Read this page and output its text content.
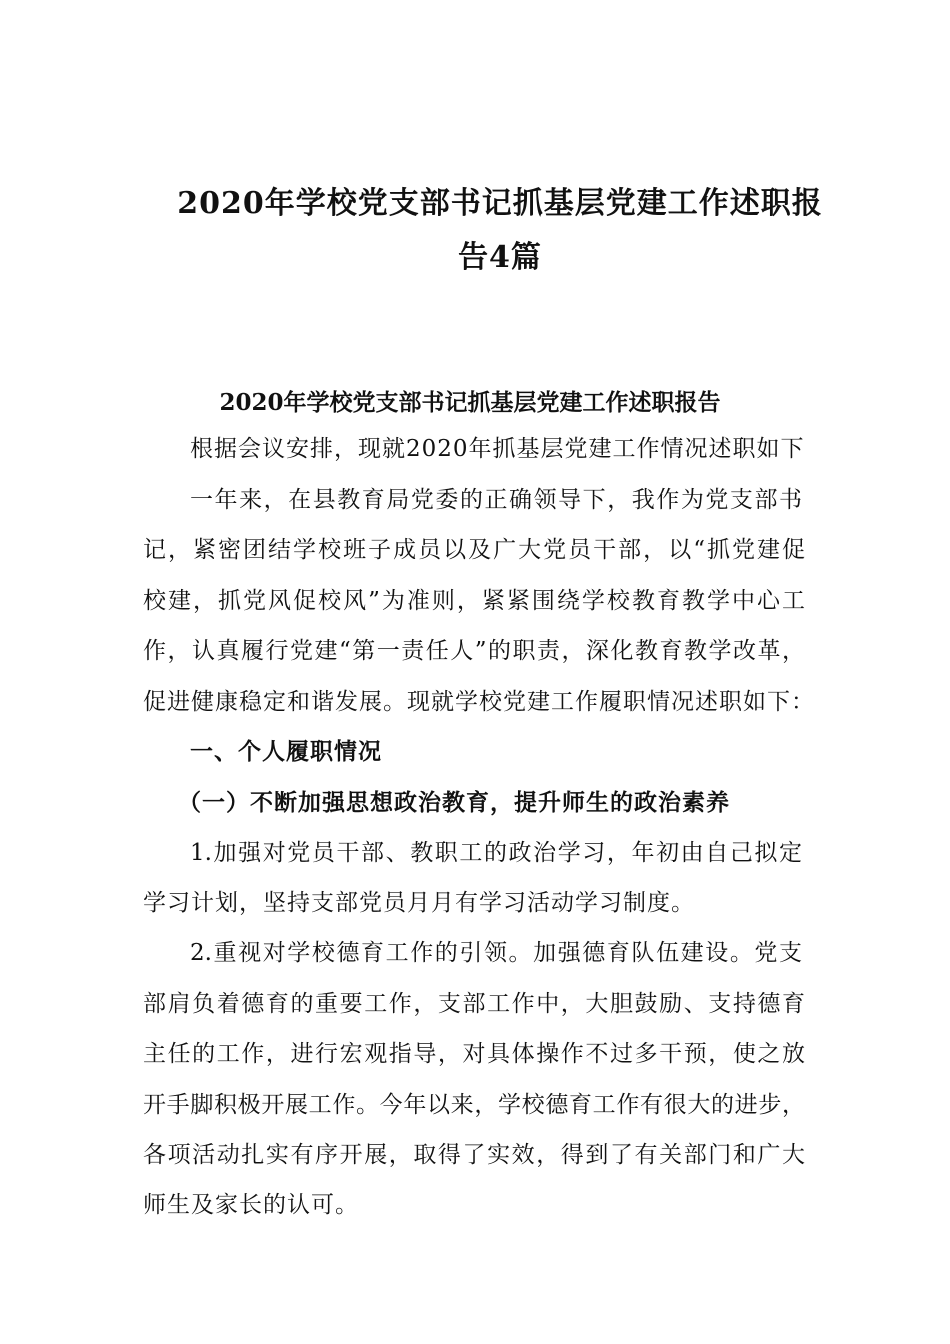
2020年学校党支部书记抓基层党建工作述职报
告4篇
2020年学校党支部书记抓基层党建工作述职报告
根据会议安排，现就2020年抓基层党建工作情况述职如下
一年来，在县教育局党委的正确领导下，我作为党支部书
记，紧密团结学校班子成员以及广大党员干部，以“抓党建促
校建，抓党风促校风”为准则，紧紧围绕学校教育教学中心工
作，认真履行党建“第一责任人”的职责，深化教育教学改革，
促进健康稳定和谐发展。现就学校党建工作履职情况述职如下：
一、个人履职情况
（一）不断加强思想政治教育，提升师生的政治素养
1.加强对党员干部、教职工的政治学习，年初由自己拟定
学习计划，坚持支部党员月月有学习活动学习制度。
2.重视对学校德育工作的引领。加强德育队伍建设。党支
部肩负着德育的重要工作，支部工作中，大胆鼓励、支持德育
主任的工作，进行宏观指导，对具体操作不过多干预，使之放
开手脚积极开展工作。今年以来，学校德育工作有很大的进步，
各项活动扎实有序开展，取得了实效，得到了有关部门和广大
师生及家长的认可。
